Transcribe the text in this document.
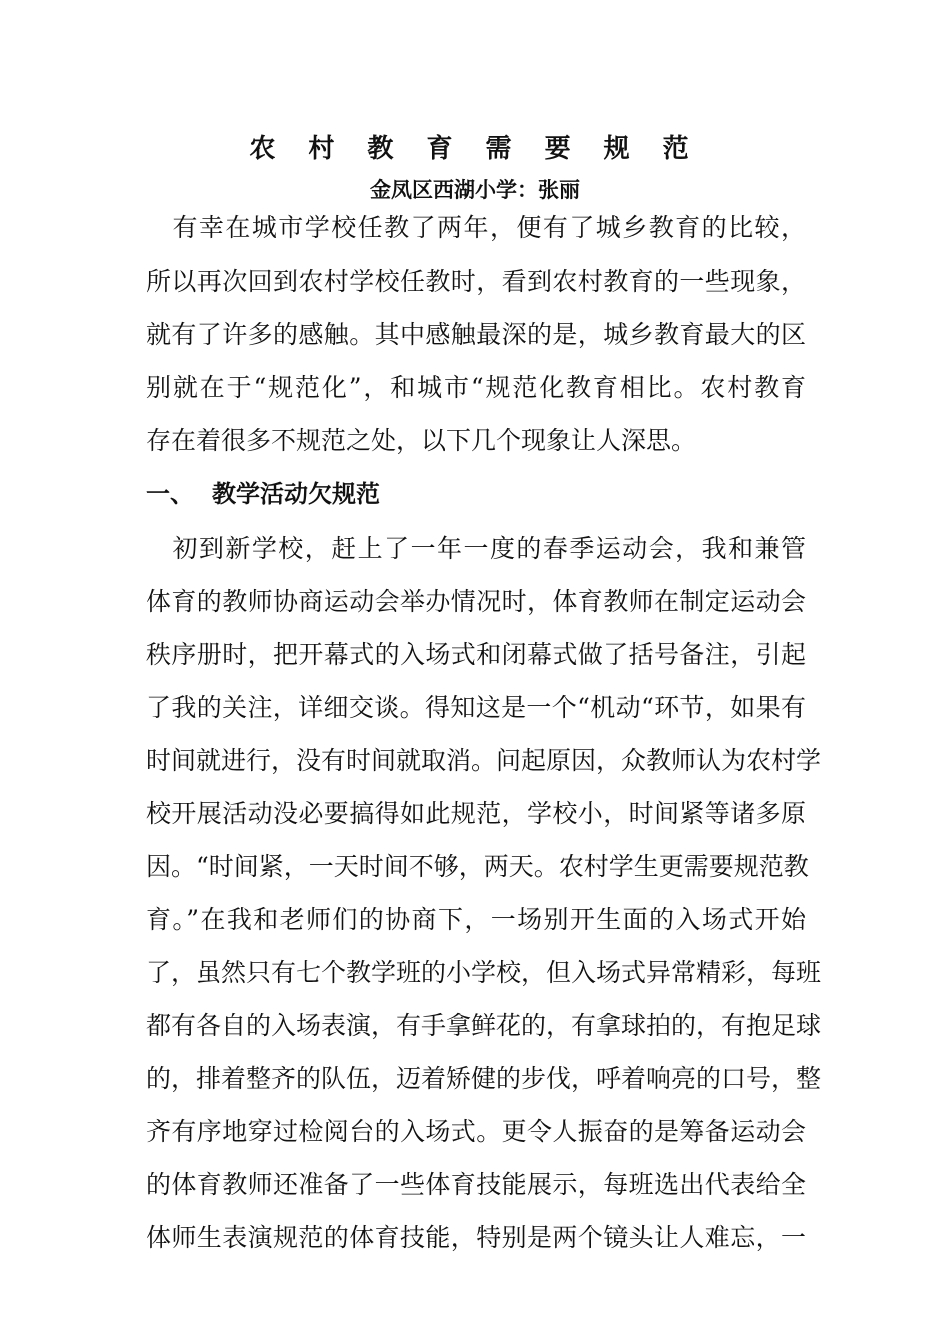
农 村 教 育 需 要 规 范
金凤区西湖小学：张丽
　有幸在城市学校任教了两年，便有了城乡教育的比较，
所以再次回到农村学校任教时，看到农村教育的一些现象，
就有了许多的感触。其中感触最深的是，城乡教育最大的区
别就在于“规范化”，和城市“规范化教育相比。农村教育
存在着很多不规范之处，以下几个现象让人深思。
一、 教学活动欠规范
　初到新学校，赶上了一年一度的春季运动会，我和兼管
体育的教师协商运动会举办情况时，体育教师在制定运动会
秩序册时，把开幕式的入场式和闭幕式做了括号备注，引起
了我的关注，详细交谈。得知这是一个“机动“环节，如果有
时间就进行，没有时间就取消。问起原因，众教师认为农村学
校开展活动没必要搞得如此规范，学校小，时间紧等诸多原
因。“时间紧，一天时间不够，两天。农村学生更需要规范教
育。”在我和老师们的协商下，一场别开生面的入场式开始
了，虽然只有七个教学班的小学校，但入场式异常精彩，每班
都有各自的入场表演，有手拿鲜花的，有拿球拍的，有抱足球
的，排着整齐的队伍，迈着矫健的步伐，呼着响亮的口号，整
齐有序地穿过检阅台的入场式。更令人振奋的是筹备运动会
的体育教师还准备了一些体育技能展示，每班选出代表给全
体师生表演规范的体育技能，特别是两个镜头让人难忘，一
